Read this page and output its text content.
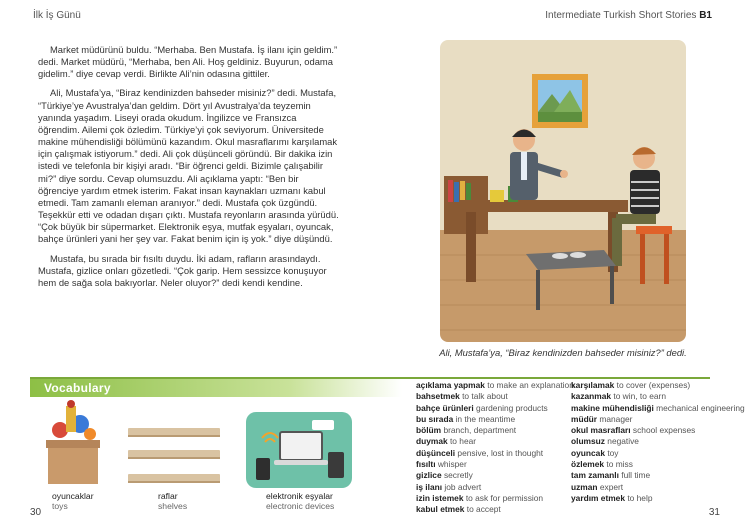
İlk İş Günü	Intermediate Turkish Short Stories B1

Market müdürünü buldu. “Merhaba. Ben Mustafa. İş ilanı için geldim.” dedi. Market müdürü, “Merhaba, ben Ali. Hoş geldiniz. Buyurun, odama gidelim.” diye cevap verdi. Birlikte Ali’nin odasına gittiler.

Ali, Mustafa’ya, “Biraz kendinizden bahseder misiniz?” dedi. Mustafa, “Türkiye’ye Avustralya’dan geldim. Dört yıl Avustralya’da teyzemin yanında yaşadım. Liseyi orada okudum. İngilizce ve Fransızca öğrendim. Ailemi çok özledim. Türkiye’yi çok seviyorum. Üniversitede makine mühendisliği bölümünü kazandım. Okul masraflarımı karşılamak için çalışmak istiyorum.” dedi. Ali çok düşünceli göründü. Bir dakika izin istedi ve telefonla bir kişiyi aradı. “Bir öğrenci geldi. Bizimle çalışabilir mi?” diye sordu. Cevap olumsuzdu. Ali açıklama yaptı: “Ben bir öğrenciye yardım etmek isterim. Fakat insan kaynakları uzmanı kabul etmedi. Tam zamanlı eleman aranıyor.” dedi. Mustafa çok üzgündü. Teşekkür etti ve odadan dışarı çıktı. Mustafa reyonların arasında yürüdü. “Çok büyük bir süpermarket. Elektronik eşya, mutfak eşyaları, oyuncak, bahçe ürünleri yani her şey var. Fakat benim için iş yok.” diye düşündü.

Mustafa, bu sırada bir fısıltı duydu. İki adam, rafların arasındaydı. Mustafa, gizlice onları gözetledi. “Çok garip. Hem sessizce konuşuyor hem de sağa sola bakıyorlar. Neler oluyor?” dedi kendi kendine.

Ali, Mustafa’ya, “Biraz kendinizden bahseder misiniz?” dedi.
Vocabulary
oyuncaklar
toys
raflar
shelves
elektronik eşyalar
electronic devices
açıklama yapmak to make an explanation
bahsetmek to talk about
bahçe ürünleri gardening products
bu sırada in the meantime
bölüm branch, department
duymak to hear
düşünceli pensive, lost in thought
fısıltı whisper
gizlice secretly
iş ilanı job advert
izin istemek to ask for permission
kabul etmek to accept
karşılamak to cover (expenses)
kazanmak to win, to earn
makine mühendisliği mechanical engineering
müdür manager
okul masrafları school expenses
olumsuz negative
oyuncak toy
özlemek to miss
tam zamanlı full time
uzman expert
yardım etmek to help
30	31
